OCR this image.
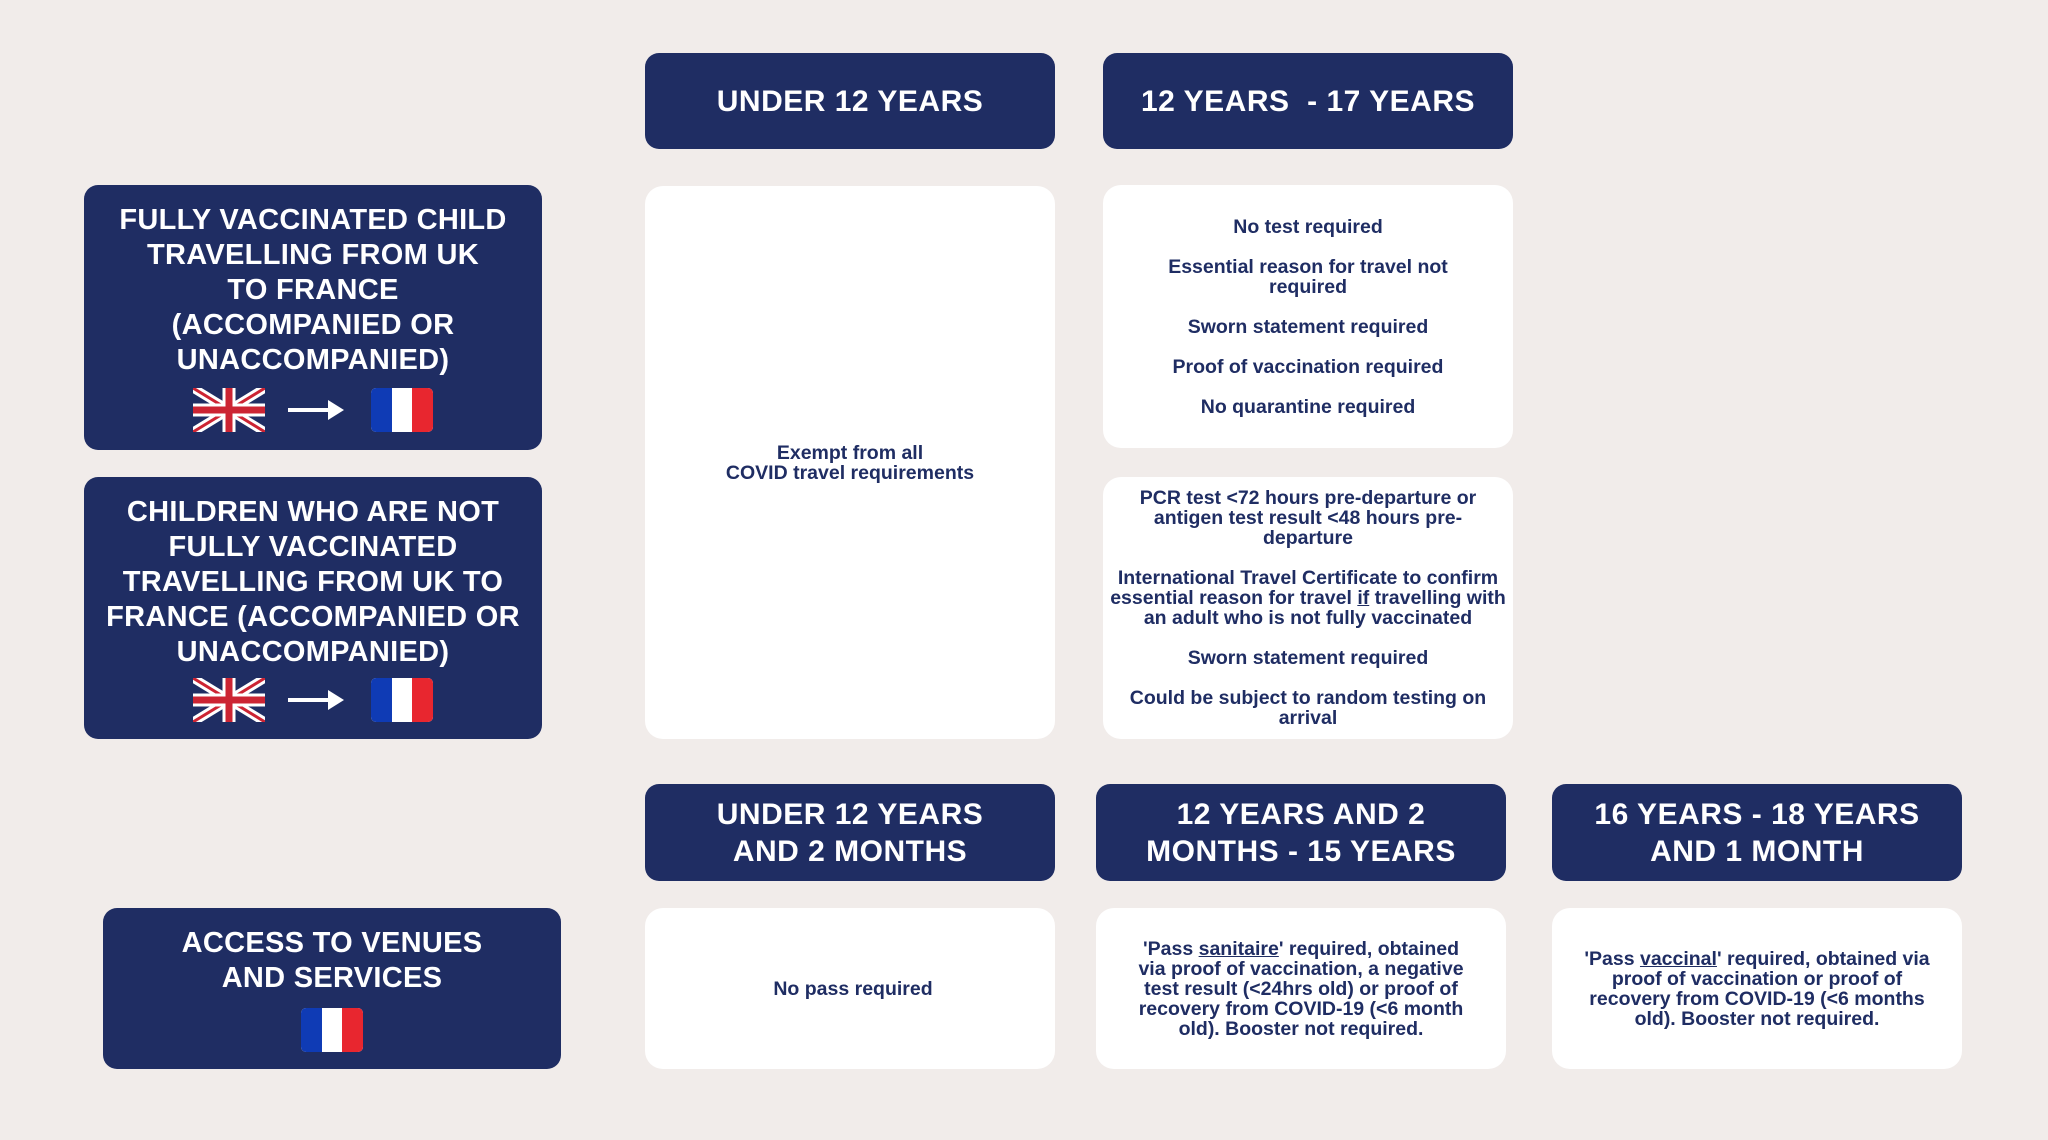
UNDER 12 YEARS	12 YEARS  - 17 YEARS
FULLY VACCINATED CHILD
TRAVELLING FROM UK
TO FRANCE
(ACCOMPANIED OR
UNACCOMPANIED)
CHILDREN WHO ARE NOT
FULLY VACCINATED
TRAVELLING FROM UK TO
FRANCE (ACCOMPANIED OR
UNACCOMPANIED)

Exempt from all

COVID travel requirements

No test required

Essential reason for travel not
required

Sworn statement required

Proof of vaccination required

No quarantine required

PCR test <72 hours pre-departure or
antigen test result <48 hours pre-
departure

International Travel Certificate to confirm
essential reason for travel if travelling with
an adult who is not fully vaccinated

Sworn statement required

Could be subject to random testing on
arrival

UNDER 12 YEARS
AND 2 MONTHS
12 YEARS AND 2
MONTHS - 15 YEARS
16 YEARS - 18 YEARS
AND 1 MONTH
ACCESS TO VENUES
AND SERVICES	No pass required

'Pass sanitaire' required, obtained
via proof of vaccination, a negative
test result (<24hrs old) or proof of
recovery from COVID-19 (<6 month
old). Booster not required.

'Pass vaccinal' required, obtained via
proof of vaccination or proof of
recovery from COVID-19 (<6 months
old). Booster not required.
